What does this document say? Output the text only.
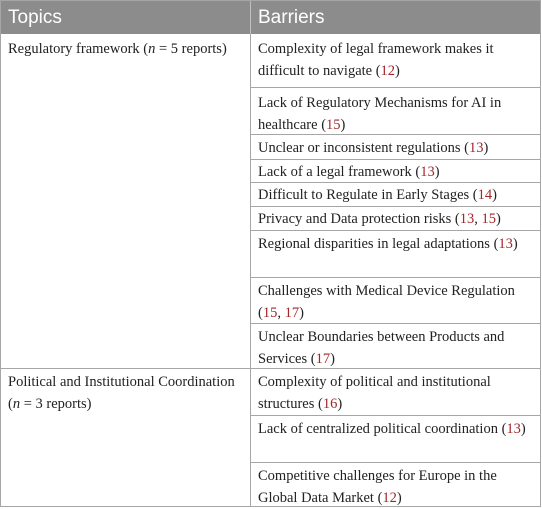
Topics	Barriers
Regulatory framework (n = 5 reports)	Complexity of legal framework makes it difficult to navigate (12)
Lack of Regulatory Mechanisms for AI in healthcare (15)
Unclear or inconsistent regulations (13)
Lack of a legal framework (13)
Difficult to Regulate in Early Stages (14)
Privacy and Data protection risks (13, 15)
Regional disparities in legal adaptations (13)
Challenges with Medical Device Regulation (15, 17)
Unclear Boundaries between Products and Services (17)
Political and Institutional Coordination (n = 3 reports)
Complexity of political and institutional structures (16)
Lack of centralized political coordination (13)
Competitive challenges for Europe in the Global Data Market (12)
